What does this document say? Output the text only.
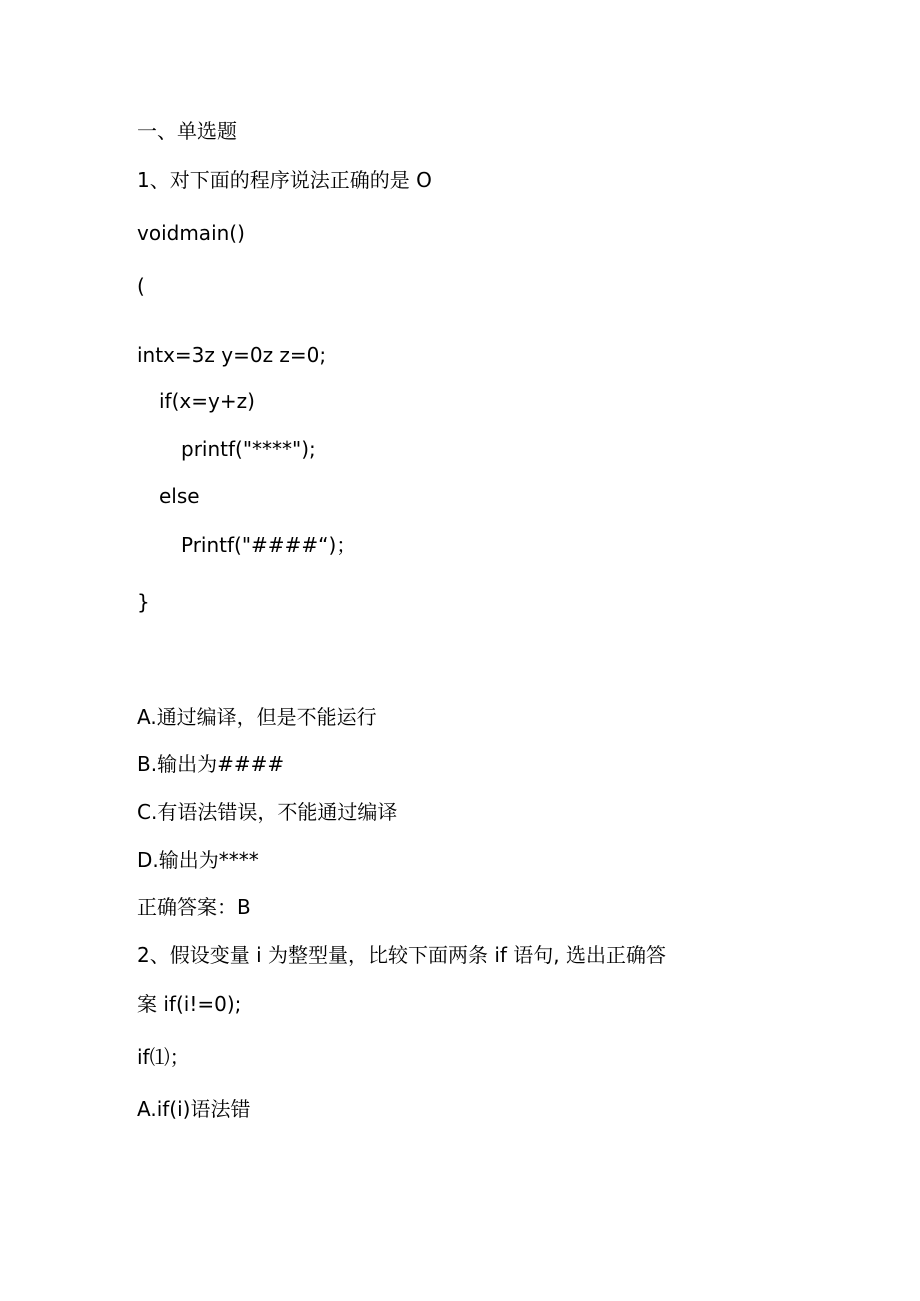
一、单选题
1、对下面的程序说法正确的是 O
voidmain()
(
intx=3z y=0z z=0;
if(x=y+z)
printf("****");
else
Printf("####“)；
}
A.通过编译，但是不能运行
B.输出为####
C.有语法错误，不能通过编译
D.输出为****
正确答案：B
2、假设变量 i 为整型量，比较下面两条 if 语句, 选出正确答
案 if(i!=0);
if⑴；
A.if(i)语法错
